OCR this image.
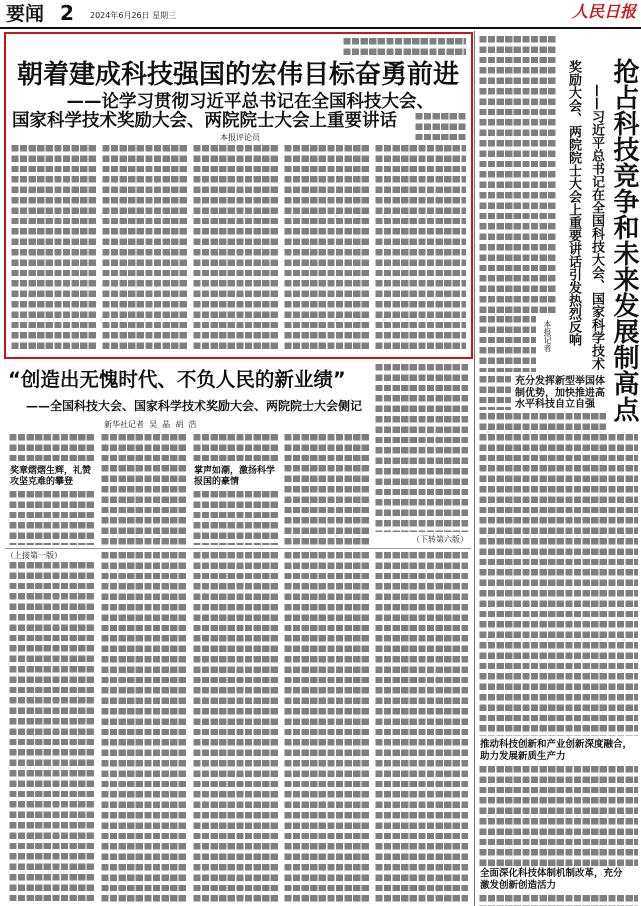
要闻 2 2024年6月26日 星期三	人民日报
朝着建成科技强国的宏伟目标奋勇前进
——论学习贯彻习近平总书记在全国科技大会、
国家科学技术奖励大会、两院院士大会上重要讲话
本报评论员
“创造出无愧时代、不负人民的新业绩”
——全国科技大会、国家科学技术奖励大会、两院院士大会侧记
新华社记者  吴  晶  胡  浩
（下转第六版）
奖章熠熠生辉，礼赞攻坚克难的攀登
掌声如潮，激扬科学报国的豪情
（上接第一版）
抢占科技竞争和未来发展制高点
——习近平总书记在全国科技大会、国家科学技术
奖励大会、两院院士大会上重要讲话引发热烈反响
本报记者
充分发挥新型举国体制优势，加快推进高水平科技自立自强
推动科技创新和产业创新深度融合，助力发展新质生产力
全面深化科技体制机制改革，充分激发创新创造活力
